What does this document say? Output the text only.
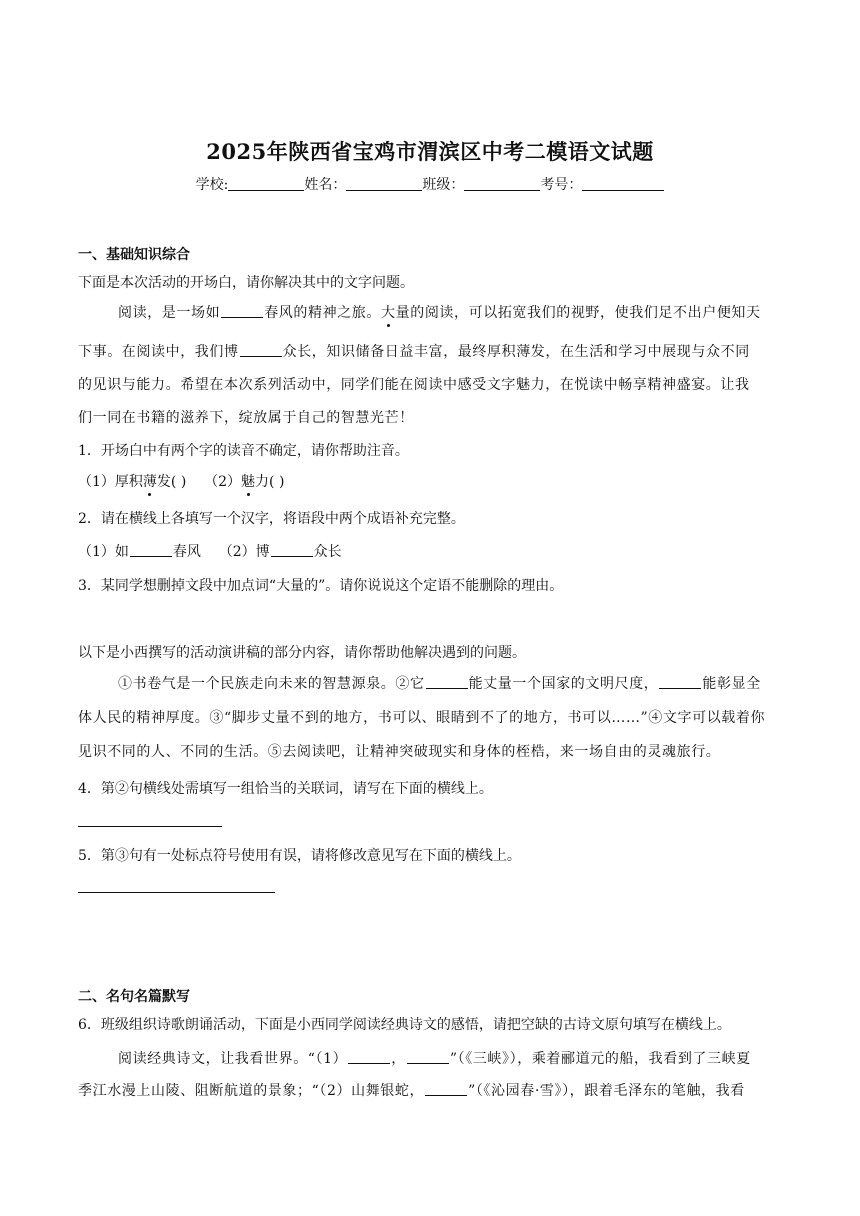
2025年陕西省宝鸡市渭滨区中考二模语文试题
学校:	姓名：	班级：	考号：
一、基础知识综合
下面是本次活动的开场白，请你解决其中的文字问题。
阅读，是一场如	春风的精神之旅。大量的阅读，可以拓宽我们的视野，使我们足不出户便知天
下事。在阅读中，我们博	众长，知识储备日益丰富，最终厚积薄发，在生活和学习中展现与众不同
的见识与能力。希望在本次系列活动中，同学们能在阅读中感受文字魅力，在悦读中畅享精神盛宴。让我
们一同在书籍的滋养下，绽放属于自己的智慧光芒！
1．开场白中有两个字的读音不确定，请你帮助注音。
（1）厚积薄发( ) （2）魅力( )
2．请在横线上各填写一个汉字，将语段中两个成语补充完整。
（1）如	春风 （2）博	众长
3．某同学想删掉文段中加点词“大量的”。请你说说这个定语不能删除的理由。
以下是小西撰写的活动演讲稿的部分内容，请你帮助他解决遇到的问题。
①书卷气是一个民族走向未来的智慧源泉。②它	能丈量一个国家的文明尺度，	能彰显全
体人民的精神厚度。③“脚步丈量不到的地方，书可以、眼睛到不了的地方，书可以……”④文字可以载着你
见识不同的人、不同的生活。⑤去阅读吧，让精神突破现实和身体的桎梏，来一场自由的灵魂旅行。
4．第②句横线处需填写一组恰当的关联词，请写在下面的横线上。
5．第③句有一处标点符号使用有误，请将修改意见写在下面的横线上。
二、名句名篇默写
6．班级组织诗歌朗诵活动，下面是小西同学阅读经典诗文的感悟，请把空缺的古诗文原句填写在横线上。
阅读经典诗文，让我看世界。“（1）	，	”（《三峡》），乘着郦道元的船，我看到了三峡夏
季江水漫上山陵、阻断航道的景象；“（2）山舞银蛇，	”（《沁园春·雪》），跟着毛泽东的笔触，我看
